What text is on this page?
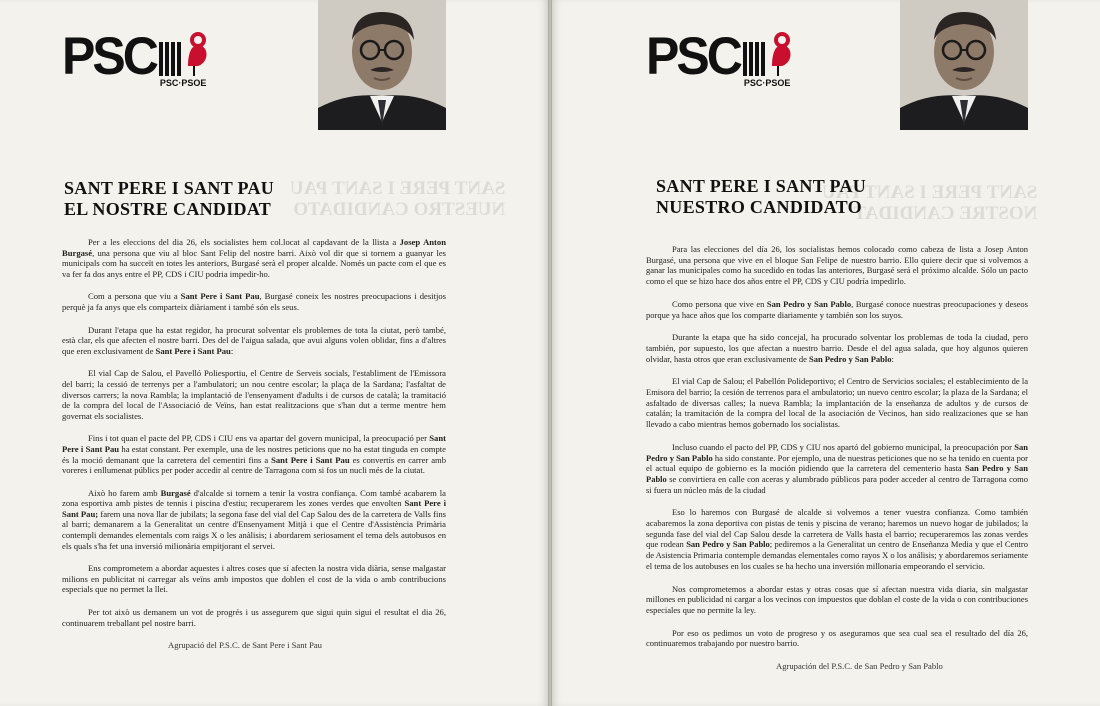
PSC PSC·PSOE
SANT PERE I SANT PAU
NUESTRO CANDIDATO
SANT PERE I SANT PAU
EL NOSTRE CANDIDAT

Per a les eleccions del dia 26, els socialistes hem col.locat al capdavant de la llista a Josep Anton Burgasé, una persona que viu al bloc Sant Felip del nostre barri. Això vol dir que si tornem a guanyar les municipals com ha succeït en totes les anteriors, Burgasé serà el proper alcalde. Només un pacte com el que es va fer fa dos anys entre el PP, CDS i CIU podria impedir-ho.

Com a persona que viu a Sant Pere i Sant Pau, Burgasé coneix les nostres preocupacions i desitjos perquè ja fa anys que els comparteix diàriament i també són els seus.

Durant l'etapa que ha estat regidor, ha procurat solventar els problemes de tota la ciutat, però també, està clar, els que afecten el nostre barri. Des del de l'aigua salada, que avui alguns volen oblidar, fins a d'altres que eren exclusivament de Sant Pere i Sant Pau:

El vial Cap de Salou, el Pavelló Poliesportiu, el Centre de Serveis socials, l'establiment de l'Emissora del barri; la cessió de terrenys per a l'ambulatori; un nou centre escolar; la plaça de la Sardana; l'asfaltat de diversos carrers; la nova Rambla; la implantació de l'ensenyament d'adults i de cursos de català; la tramitació de la compra del local de l'Associació de Veïns, han estat realitzacions que s'han dut a terme mentre hem governat els socialistes.

Fins i tot quan el pacte del PP, CDS i CIU ens va apartar del govern municipal, la preocupació per Sant Pere i Sant Pau ha estat constant. Per exemple, una de les nostres peticions que no ha estat tinguda en compte és la moció demanant que la carretera del cementiri fins a Sant Pere i Sant Pau es convertís en carrer amb voreres i enllumenat públics per poder accedir al centre de Tarragona com si fos un nucli més de la ciutat.

Això ho farem amb Burgasé d'alcalde si tornem a tenir la vostra confiança. Com també acabarem la zona esportiva amb pistes de tennis i piscina d'estiu; recuperarem les zones verdes que envolten Sant Pere i Sant Pau; farem una nova llar de jubilats; la segona fase del vial del Cap Salou des de la carretera de Valls fins al barri; demanarem a la Generalitat un centre d'Ensenyament Mitjà i que el Centre d'Assistència Primària contempli demandes elementals com raigs X o les anàlisis; i abordarem seriosament el tema dels autobusos en els quals s'ha fet una inversió milionària empitjorant el servei.

Ens comprometem a abordar aquestes i altres coses que sí afecten la nostra vida diària, sense malgastar milions en publicitat ni carregar als veïns amb impostos que doblen el cost de la vida o amb contribucions especials que no permet la llei.

Per tot això us demanem un vot de progrés i us assegurem que sigui quin sigui el resultat el dia 26, continuarem treballant pel nostre barri.

Agrupació del P.S.C. de Sant Pere i Sant Pau

PSC PSC·PSOE
SANT PERE I SANT PAU
NOSTRE CANDIDAT
SANT PERE I SANT PAU
NUESTRO CANDIDATO

Para las elecciones del día 26, los socialistas hemos colocado como cabeza de lista a Josep Anton Burgasé, una persona que vive en el bloque San Felipe de nuestro barrio. Ello quiere decir que si volvemos a ganar las municipales como ha sucedido en todas las anteriores, Burgasé será el próximo alcalde. Sólo un pacto como el que se hizo hace dos años entre el PP, CDS y CIU podría impedirlo.

Como persona que vive en San Pedro y San Pablo, Burgasé conoce nuestras preocupaciones y deseos porque ya hace años que los comparte diariamente y también son los suyos.

Durante la etapa que ha sido concejal, ha procurado solventar los problemas de toda la ciudad, pero también, por supuesto, los que afectan a nuestro barrio. Desde el del agua salada, que hoy algunos quieren olvidar, hasta otros que eran exclusivamente de San Pedro y San Pablo:

El vial Cap de Salou; el Pabellón Polideportivo; el Centro de Servicios sociales; el establecimiento de la Emisora del barrio; la cesión de terrenos para el ambulatorio; un nuevo centro escolar; la plaza de la Sardana; el asfaltado de diversas calles; la nueva Rambla; la implantación de la enseñanza de adultos y de cursos de catalán; la tramitación de la compra del local de la asociación de Vecinos, han sido realizaciones que se han llevado a cabo mientras hemos gobernado los socialistas.

Incluso cuando el pacto del PP, CDS y CIU nos apartó del gobierno municipal, la preocupación por San Pedro y San Pablo ha sido constante. Por ejemplo, una de nuestras peticiones que no se ha tenido en cuenta por el actual equipo de gobierno es la moción pidiendo que la carretera del cementerio hasta San Pedro y San Pablo se convirtiera en calle con aceras y alumbrado públicos para poder acceder al centro de Tarragona como si fuera un núcleo más de la ciudad

Eso lo haremos con Burgasé de alcalde si volvemos a tener vuestra confianza. Como también acabaremos la zona deportiva con pistas de tenis y piscina de verano; haremos un nuevo hogar de jubilados; la segunda fase del vial del Cap Salou desde la carretera de Valls hasta el barrio; recuperaremos las zonas verdes que rodean San Pedro y San Pablo; pediremos a la Generalitat un centro de Enseñanza Media y que el Centro de Asistencia Primaria contemple demandas elementales como rayos X o los análisis; y abordaremos seriamente el tema de los autobuses en los cuales se ha hecho una inversión millonaria empeorando el servicio.

Nos comprometemos a abordar estas y otras cosas que sí afectan nuestra vida diaria, sin malgastar millones en publicidad ni cargar a los vecinos con impuestos que doblan el coste de la vida o con contribuciones especiales que no permite la ley.

Por eso os pedimos un voto de progreso y os aseguramos que sea cual sea el resultado del día 26, continuaremos trabajando por nuestro barrio.

Agrupación del P.S.C. de San Pedro y San Pablo
